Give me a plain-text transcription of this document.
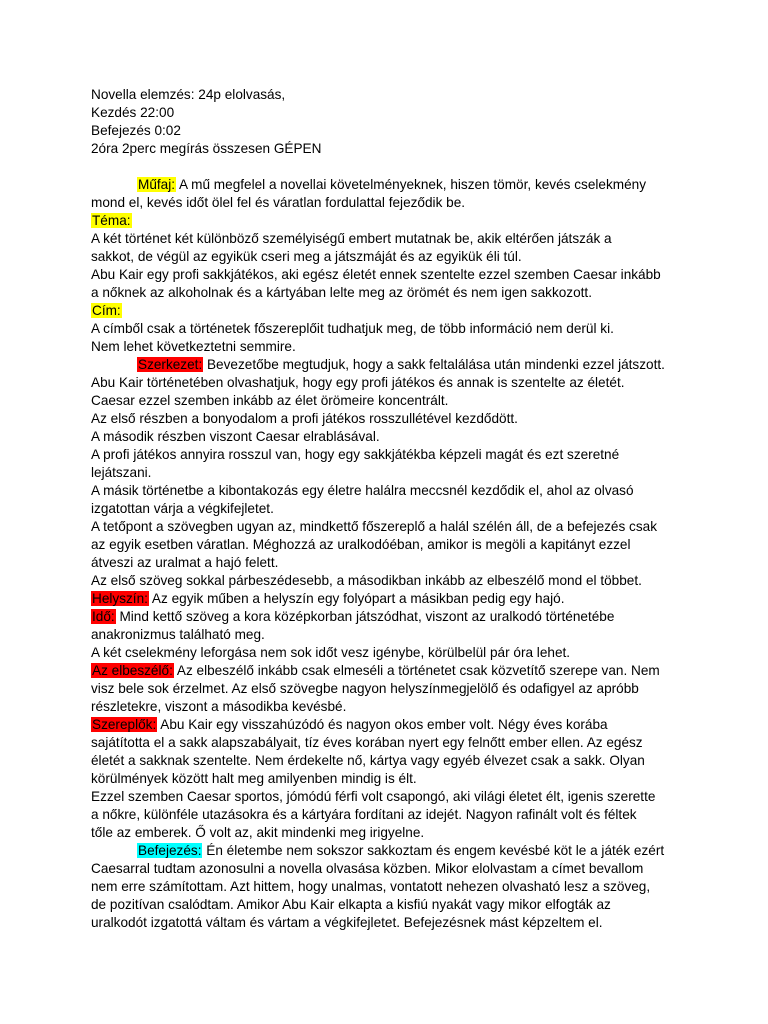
Novella elemzés: 24p elolvasás,
Kezdés 22:00
Befejezés 0:02
2óra 2perc megírás összesen GÉPEN
Műfaj: A mű megfelel a novellai követelményeknek, hiszen tömör, kevés cselekmény
mond el, kevés időt ölel fel és váratlan fordulattal fejeződik be.
Téma:
A két történet két különböző személyiségű embert mutatnak be, akik eltérően játszák a
sakkot, de végül az egyikük cseri meg a játszmáját és az egyikük éli túl.
Abu Kair egy profi sakkjátékos, aki egész életét ennek szentelte ezzel szemben Caesar inkább
a nőknek az alkoholnak és a kártyában lelte meg az örömét és nem igen sakkozott.
Cím:
A címből csak a történetek főszereplőit tudhatjuk meg, de több információ nem derül ki.
Nem lehet következtetni semmire.
Szerkezet: Bevezetőbe megtudjuk, hogy a sakk feltalálása után mindenki ezzel játszott.
Abu Kair történetében olvashatjuk, hogy egy profi játékos és annak is szentelte az életét.
Caesar ezzel szemben inkább az élet örömeire koncentrált.
Az első részben a bonyodalom a profi játékos rosszullétével kezdődött.
A második részben viszont Caesar elrablásával.
A profi játékos annyira rosszul van, hogy egy sakkjátékba képzeli magát és ezt szeretné
lejátszani.
A másik történetbe a kibontakozás egy életre halálra meccsnél kezdődik el, ahol az olvasó
izgatottan várja a végkifejletet.
A tetőpont a szövegben ugyan az, mindkettő főszereplő a halál szélén áll, de a befejezés csak
az egyik esetben váratlan. Méghozzá az uralkodóéban, amikor is megöli a kapitányt ezzel
átveszi az uralmat a hajó felett.
Az első szöveg sokkal párbeszédesebb, a másodikban inkább az elbeszélő mond el többet.
Helyszín: Az egyik műben a helyszín egy folyópart a másikban pedig egy hajó.
Idő: Mind kettő szöveg a kora középkorban játszódhat, viszont az uralkodó történetébe
anakronizmus található meg.
A két cselekmény leforgása nem sok időt vesz igénybe, körülbelül pár óra lehet.
Az elbeszélő: Az elbeszélő inkább csak elmeséli a történetet csak közvetítő szerepe van. Nem
visz bele sok érzelmet. Az első szövegbe nagyon helyszínmegjelölő és odafigyel az apróbb
részletekre, viszont a másodikba kevésbé.
Szereplők: Abu Kair egy visszahúzódó és nagyon okos ember volt. Négy éves korába
sajátította el a sakk alapszabályait, tíz éves korában nyert egy felnőtt ember ellen. Az egész
életét a sakknak szentelte. Nem érdekelte nő, kártya vagy egyéb élvezet csak a sakk. Olyan
körülmények között halt meg amilyenben mindig is élt.
Ezzel szemben Caesar sportos, jómódú férfi volt csapongó, aki világi életet élt, igenis szerette
a nőkre, különféle utazásokra és a kártyára fordítani az idejét. Nagyon rafinált volt és féltek
tőle az emberek. Ő volt az, akit mindenki meg irigyelne.
Befejezés: Én életembe nem sokszor sakkoztam és engem kevésbé köt le a játék ezért
Caesarral tudtam azonosulni a novella olvasása közben. Mikor elolvastam a címet bevallom
nem erre számítottam. Azt hittem, hogy unalmas, vontatott nehezen olvasható lesz a szöveg,
de pozitívan csalódtam. Amikor Abu Kair elkapta a kisfiú nyakát vagy mikor elfogták az
uralkodót izgatottá váltam és vártam a végkifejletet. Befejezésnek mást képzeltem el.
